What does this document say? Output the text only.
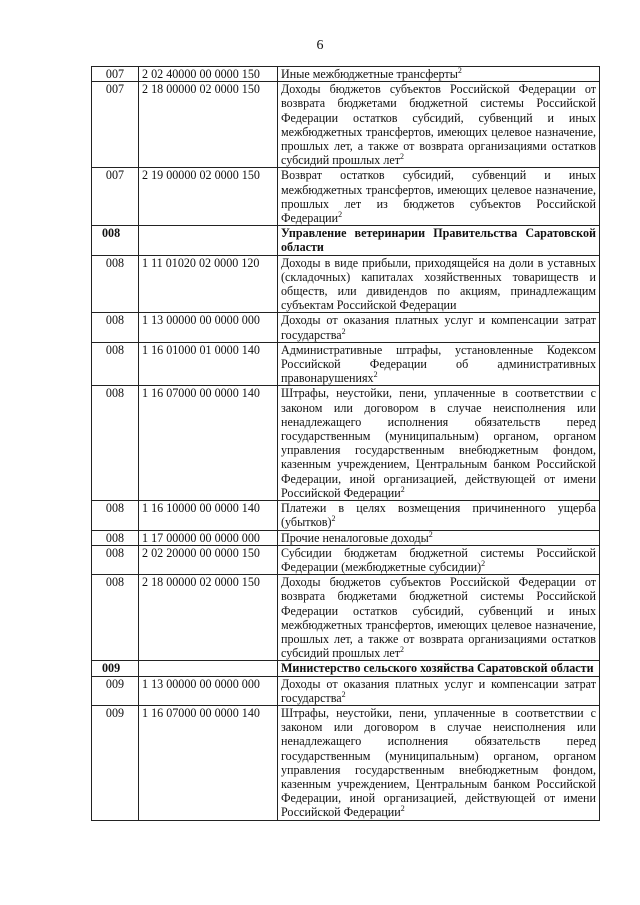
6
007	2 02 40000 00 0000 150	Иные межбюджетные трансферты$^2$
007	2 18 00000 02 0000 150	Доходы бюджетов субъектов Российской Федерации от возврата бюджетами бюджетной системы Российской Федерации остатков субсидий, субвенций и иных межбюджетных трансфертов, имеющих целевое назначение, прошлых лет, а также от возврата организациями остатков субсидий прошлых лет$^2$
007	2 19 00000 02 0000 150	Возврат остатков субсидий, субвенций и иных межбюджетных трансфертов, имеющих целевое назначение, прошлых лет из бюджетов субъектов Российской Федерации$^2$
008		Управление ветеринарии Правительства Саратовской области
008	1 11 01020 02 0000 120	Доходы в виде прибыли, приходящейся на доли в уставных (складочных) капиталах хозяйственных товариществ и обществ, или дивидендов по акциям, принадлежащим субъектам Российской Федерации
008	1 13 00000 00 0000 000	Доходы от оказания платных услуг и компенсации затрат государства$^2$
008	1 16 01000 01 0000 140	Административные штрафы, установленные Кодексом Российской Федерации об административных правонарушениях$^2$
008	1 16 07000 00 0000 140	Штрафы, неустойки, пени, уплаченные в соответствии с законом или договором в случае неисполнения или ненадлежащего исполнения обязательств перед государственным (муниципальным) органом, органом управления государственным внебюджетным фондом, казенным учреждением, Центральным банком Российской Федерации, иной организацией, действующей от имени Российской Федерации$^2$
008	1 16 10000 00 0000 140	Платежи в целях возмещения причиненного ущерба (убытков)$^2$
008	1 17 00000 00 0000 000	Прочие неналоговые доходы$^2$
008	2 02 20000 00 0000 150	Субсидии бюджетам бюджетной системы Российской Федерации (межбюджетные субсидии)$^2$
008	2 18 00000 02 0000 150	Доходы бюджетов субъектов Российской Федерации от возврата бюджетами бюджетной системы Российской Федерации остатков субсидий, субвенций и иных межбюджетных трансфертов, имеющих целевое назначение, прошлых лет, а также от возврата организациями остатков субсидий прошлых лет$^2$
009		Министерство сельского хозяйства Саратовской области
009	1 13 00000 00 0000 000	Доходы от оказания платных услуг и компенсации затрат государства$^2$
009	1 16 07000 00 0000 140	Штрафы, неустойки, пени, уплаченные в соответствии с законом или договором в случае неисполнения или ненадлежащего исполнения обязательств перед государственным (муниципальным) органом, органом управления государственным внебюджетным фондом, казенным учреждением, Центральным банком Российской Федерации, иной организацией, действующей от имени Российской Федерации$^2$
